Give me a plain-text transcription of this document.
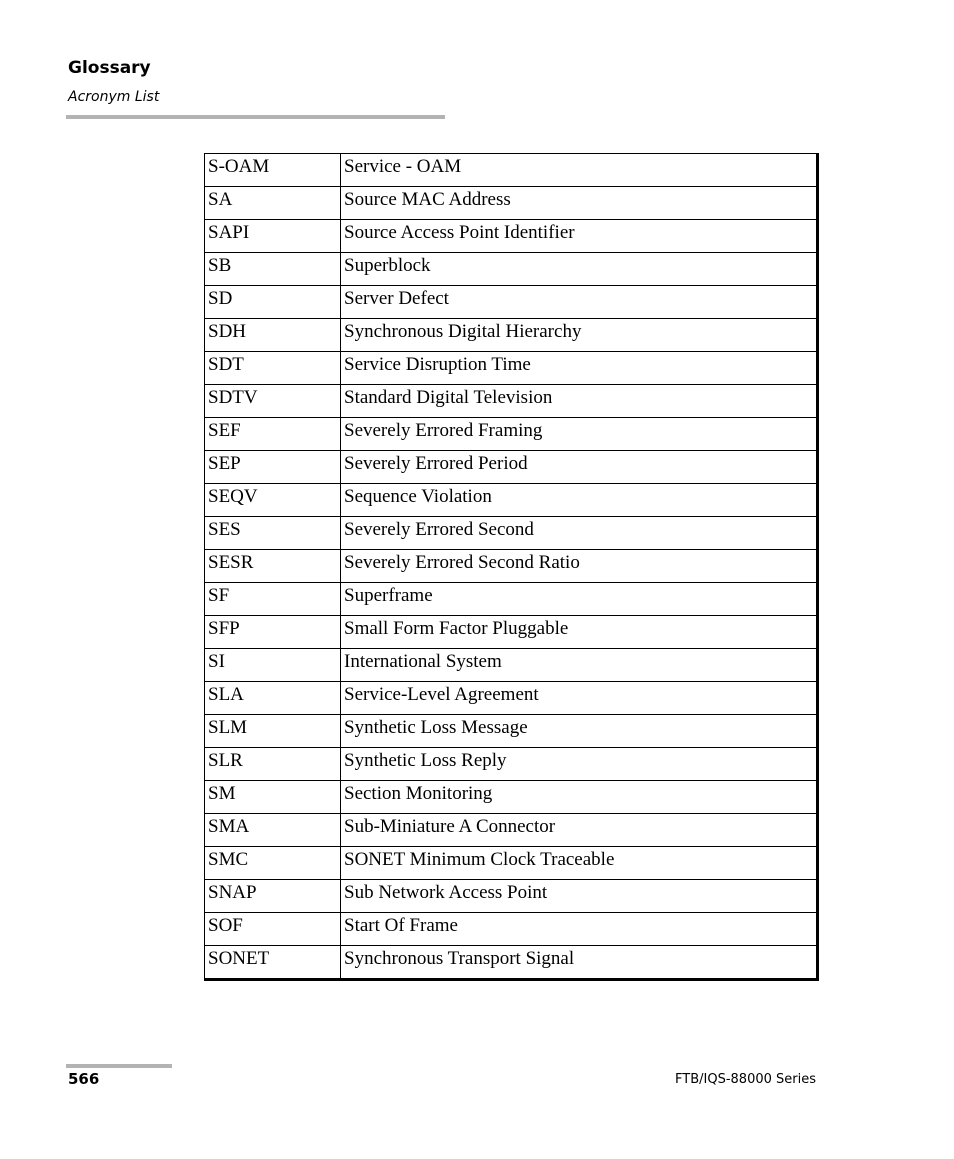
Glossary
Acronym List
S-OAM	Service - OAM
SA	Source MAC Address
SAPI	Source Access Point Identifier
SB	Superblock
SD	Server Defect
SDH	Synchronous Digital Hierarchy
SDT	Service Disruption Time
SDTV	Standard Digital Television
SEF	Severely Errored Framing
SEP	Severely Errored Period
SEQV	Sequence Violation
SES	Severely Errored Second
SESR	Severely Errored Second Ratio
SF	Superframe
SFP	Small Form Factor Pluggable
SI	International System
SLA	Service-Level Agreement
SLM	Synthetic Loss Message
SLR	Synthetic Loss Reply
SM	Section Monitoring
SMA	Sub-Miniature A Connector
SMC	SONET Minimum Clock Traceable
SNAP	Sub Network Access Point
SOF	Start Of Frame
SONET	Synchronous Transport Signal
566	FTB/IQS-88000 Series
